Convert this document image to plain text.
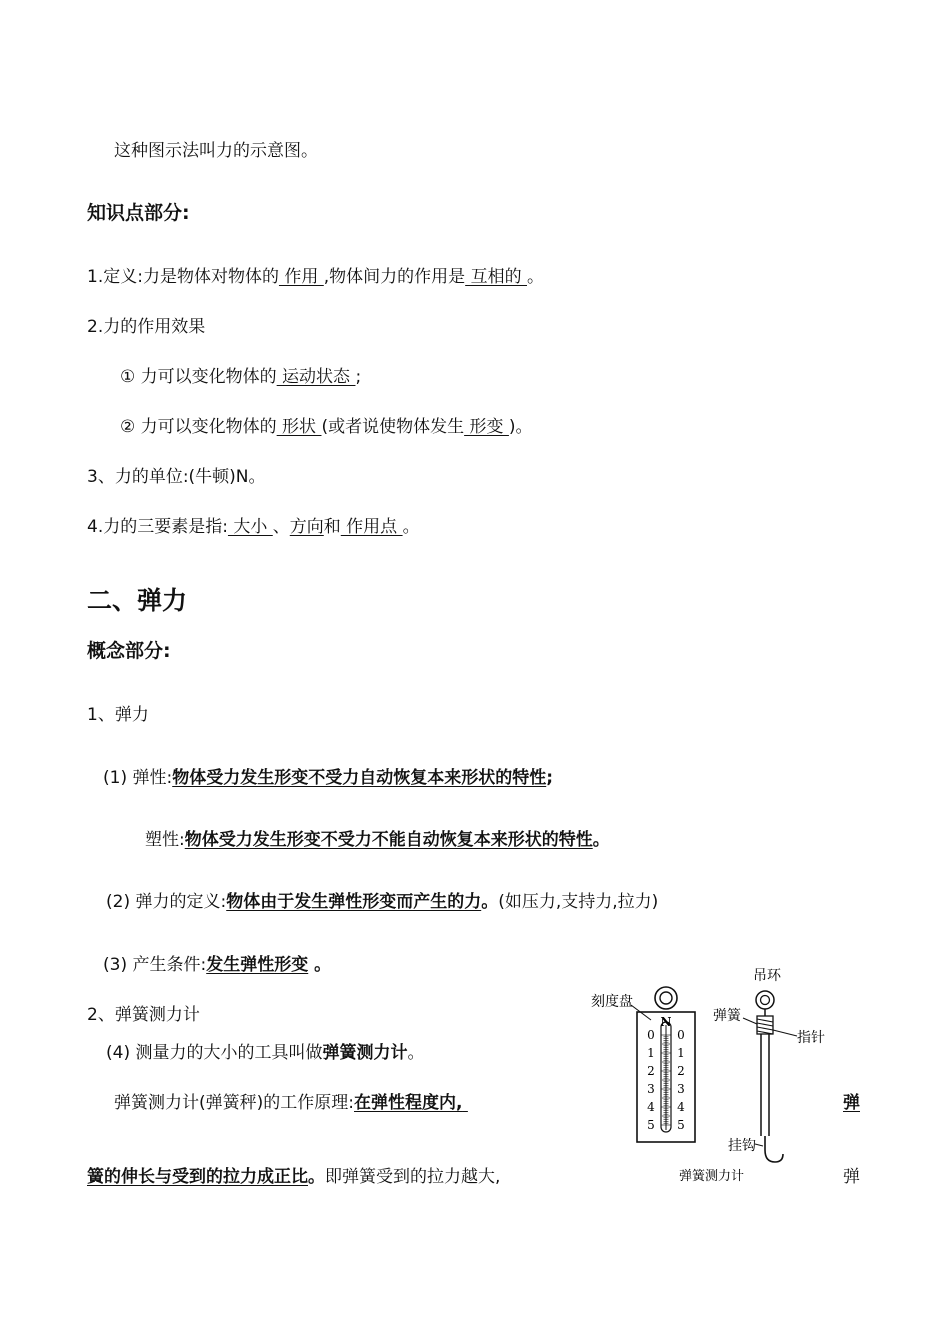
这种图示法叫力的示意图。
知识点部分:
1.定义:力是物体对物体的 作用 ,物体间力的作用是 互相的 。
2.力的作用效果
① 力可以变化物体的 运动状态 ;
② 力可以变化物体的 形状 (或者说使物体发生 形变 )。
3、力的单位:(牛顿)N。
4.力的三要素是指: 大小 、方向和 作用点 。
二、弹力
概念部分:
1、弹力
(1) 弹性:物体受力发生形变不受力自动恢复本来形状的特性;
塑性:物体受力发生形变不受力不能自动恢复本来形状的特性。
(2) 弹力的定义:物体由于发生弹性形变而产生的力。(如压力,支持力,拉力)
(3) 产生条件:发生弹性形变 。
2、弹簧测力计
(4) 测量力的大小的工具叫做弹簧测力计。
弹簧测力计(弹簧秤)的工作原理:在弹性程度内,	弹
簧的伸长与受到的拉力成正比。即弹簧受到的拉力越大,	弹
N
0
1
2
3
4
5
0
1
2
3
4
5
刻度盘
吊环
弹簧
指针
挂钩
弹簧测力计
